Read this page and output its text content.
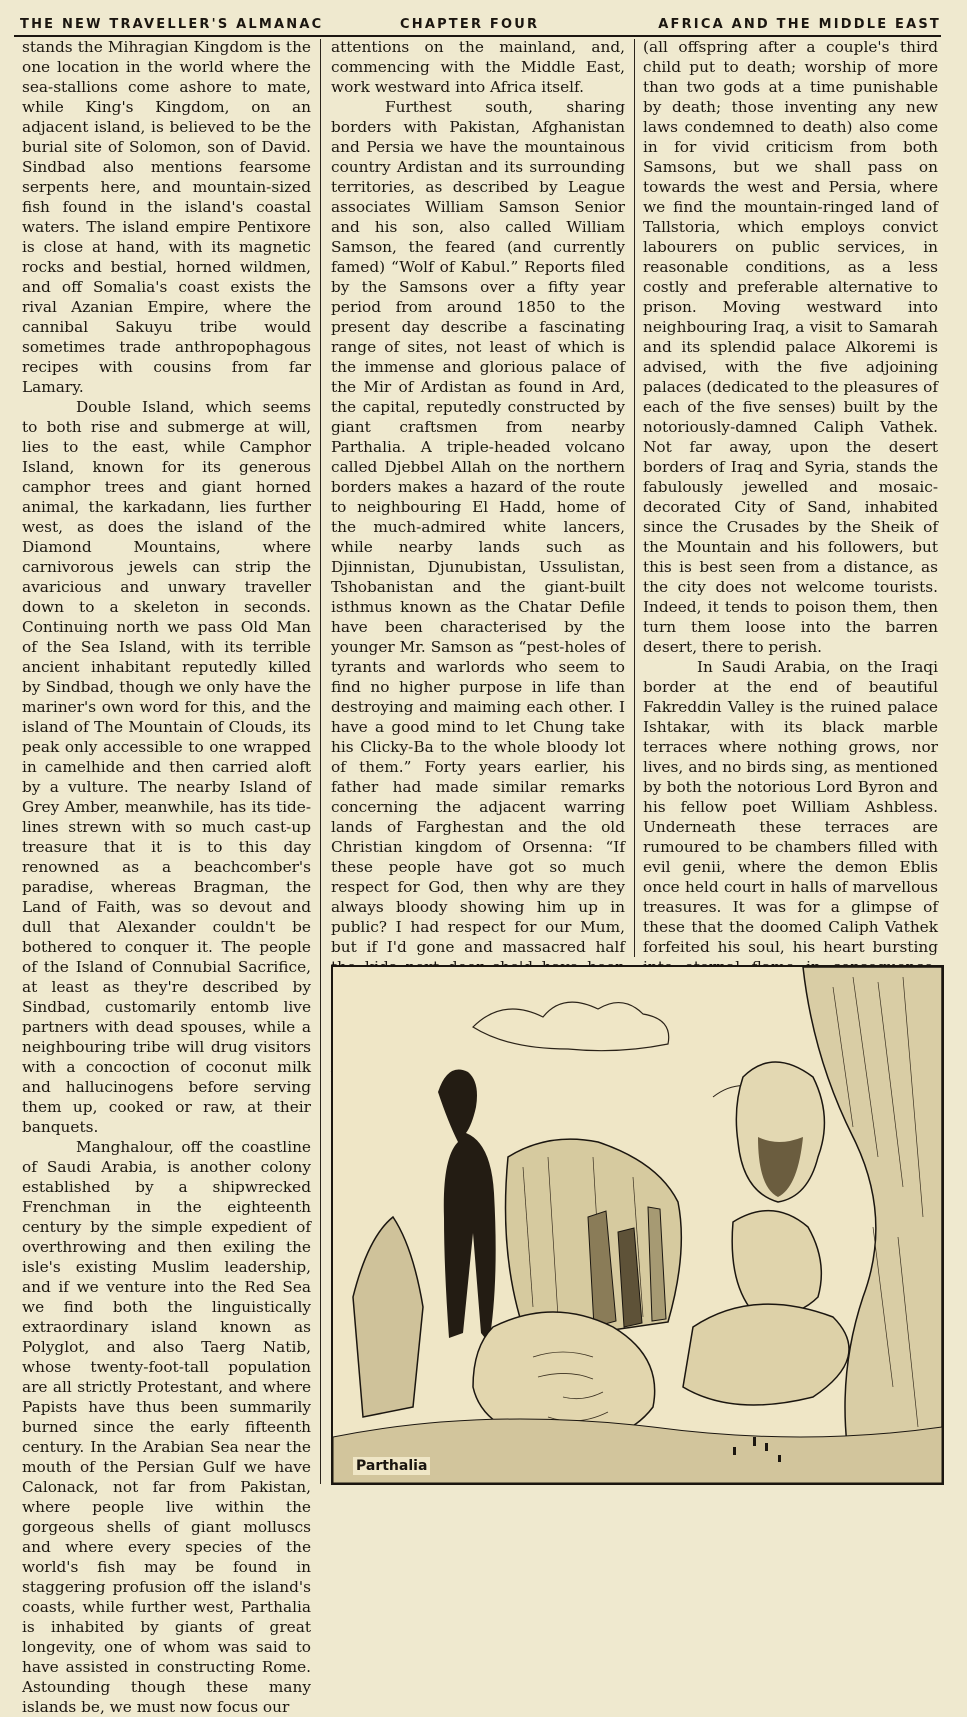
THE NEW TRAVELLER'S ALMANAC	CHAPTER FOUR	AFRICA AND THE MIDDLE EAST

stands the Mihragian Kingdom is the one location in the world where the sea-stallions come ashore to mate, while King's Kingdom, on an adjacent island, is believed to be the burial site of Solomon, son of David. Sindbad also mentions fearsome serpents here, and mountain-sized fish found in the island's coastal waters. The island empire Pentixore is close at hand, with its magnetic rocks and bestial, horned wildmen, and off Somalia's coast exists the rival Azanian Empire, where the cannibal Sakuyu tribe would sometimes trade anthropophagous recipes with cousins from far Lamary.

Double Island, which seems to both rise and submerge at will, lies to the east, while Camphor Island, known for its generous camphor trees and giant horned animal, the karkadann, lies further west, as does the island of the Diamond Mountains, where carnivorous jewels can strip the avaricious and unwary traveller down to a skeleton in seconds. Continuing north we pass Old Man of the Sea Island, with its terrible ancient inhabitant reputedly killed by Sindbad, though we only have the mariner's own word for this, and the island of The Mountain of Clouds, its peak only accessible to one wrapped in camelhide and then carried aloft by a vulture. The nearby Island of Grey Amber, meanwhile, has its tide-lines strewn with so much cast-up treasure that it is to this day renowned as a beachcomber's paradise, whereas Bragman, the Land of Faith, was so devout and dull that Alexander couldn't be bothered to conquer it. The people of the Island of Connubial Sacrifice, at least as they're described by Sindbad, customarily entomb live partners with dead spouses, while a neighbouring tribe will drug visitors with a concoction of coconut milk and hallucinogens before serving them up, cooked or raw, at their banquets.

Manghalour, off the coastline of Saudi Arabia, is another colony established by a shipwrecked Frenchman in the eighteenth century by the simple expedient of overthrowing and then exiling the isle's existing Muslim leadership, and if we venture into the Red Sea we find both the linguistically extraordinary island known as Polyglot, and also Taerg Natib, whose twenty-foot-tall population are all strictly Protestant, and where Papists have thus been summarily burned since the early fifteenth century. In the Arabian Sea near the mouth of the Persian Gulf we have Calonack, not far from Pakistan, where people live within the gorgeous shells of giant molluscs and where every species of the world's fish may be found in staggering profusion off the island's coasts, while further west, Parthalia is inhabited by giants of great longevity, one of whom was said to have assisted in constructing Rome. Astounding though these many islands be, we must now focus our

attentions on the mainland, and, commencing with the Middle East, work westward into Africa itself.

Furthest south, sharing borders with Pakistan, Afghanistan and Persia we have the mountainous country Ardistan and its surrounding territories, as described by League associates William Samson Senior and his son, also called William Samson, the feared (and currently famed) “Wolf of Kabul.” Reports filed by the Samsons over a fifty year period from around 1850 to the present day describe a fascinating range of sites, not least of which is the immense and glorious palace of the Mir of Ardistan as found in Ard, the capital, reputedly constructed by giant craftsmen from nearby Parthalia. A triple-headed volcano called Djebbel Allah on the northern borders makes a hazard of the route to neighbouring El Hadd, home of the much-admired white lancers, while nearby lands such as Djinnistan, Djunubistan, Ussulistan, Tshobanistan and the giant-built isthmus known as the Chatar Defile have been characterised by the younger Mr. Samson as “pest-holes of tyrants and warlords who seem to find no higher purpose in life than destroying and maiming each other. I have a good mind to let Chung take his Clicky-Ba to the whole bloody lot of them.” Forty years earlier, his father had made similar remarks concerning the adjacent warring lands of Farghestan and the old Christian kingdom of Orsenna: “If these people have got so much respect for God, then why are they always bloody showing him up in public? I had respect for our Mum, but if I'd gone and massacred half

(all offspring after a couple's third child put to death; worship of more than two gods at a time punishable by death; those inventing any new laws condemned to death) also come in for vivid criticism from both Samsons, but we shall pass on towards the west and Persia, where we find the mountain-ringed land of Tallstoria, which employs convict labourers on public services, in reasonable conditions, as a less costly and preferable alternative to prison. Moving westward into neighbouring Iraq, a visit to Samarah and its splendid palace Alkoremi is advised, with the five adjoining palaces (dedicated to the pleasures of each of the five senses) built by the notoriously-damned Caliph Vathek. Not far away, upon the desert borders of Iraq and Syria, stands the fabulously jewelled and mosaic-decorated City of Sand, inhabited since the Crusades by the Sheik of the Mountain and his followers, but this is best seen from a distance, as the city does not welcome tourists. Indeed, it tends to poison them, then turn them loose into the barren desert, there to perish.

In Saudi Arabia, on the Iraqi border at the end of beautiful Fakreddin Valley is the ruined palace Ishtakar, with its black marble terraces where nothing grows, nor lives, and no birds sing, as mentioned by both the notorious Lord Byron and his fellow poet William Ashbless. Underneath these terraces are rumoured to be chambers filled with evil genii, where the demon Eblis once held court in halls of marvellous treasures. It was for a glimpse of these that the doomed Caliph Vathek forfeited his soul, his heart bursting

Parthalia
